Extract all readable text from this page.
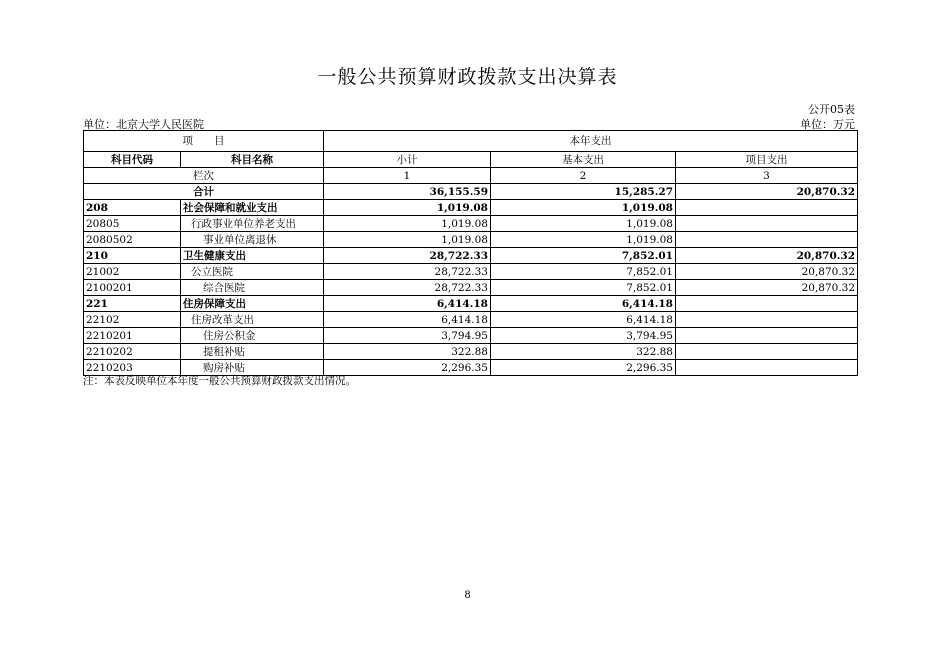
一般公共预算财政拨款支出决算表
公开05表
单位：北京大学人民医院	单位：万元
项　　目		本年支出		
科目代码	科目名称	小计	基本支出	项目支出
栏次		1	2	3
合计		36,155.59	15,285.27	20,870.32
208	社会保障和就业支出	1,019.08	1,019.08	
20805	行政事业单位养老支出	1,019.08	1,019.08	
2080502	事业单位离退休	1,019.08	1,019.08	
210	卫生健康支出	28,722.33	7,852.01	20,870.32
21002	公立医院	28,722.33	7,852.01	20,870.32
2100201	综合医院	28,722.33	7,852.01	20,870.32
221	住房保障支出	6,414.18	6,414.18	
22102	住房改革支出	6,414.18	6,414.18	
2210201	住房公积金	3,794.95	3,794.95	
2210202	提租补贴	322.88	322.88	
2210203	购房补贴	2,296.35	2,296.35	
注：本表反映单位本年度一般公共预算财政拨款支出情况。
8
